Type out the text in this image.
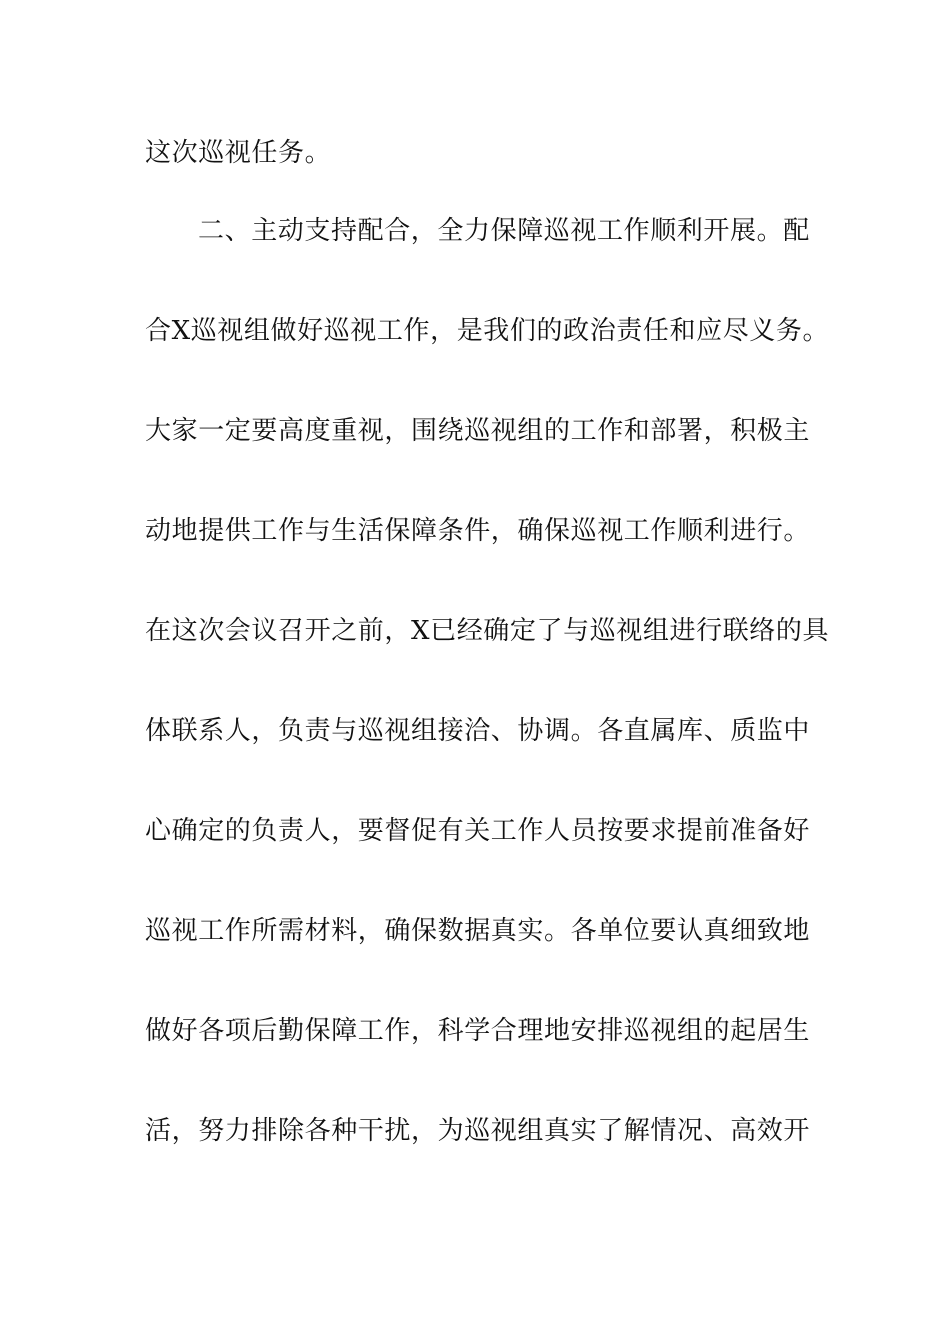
这次巡视任务。
二、主动支持配合，全力保障巡视工作顺利开展。配
合X巡视组做好巡视工作，是我们的政治责任和应尽义务。
大家一定要高度重视，围绕巡视组的工作和部署，积极主
动地提供工作与生活保障条件，确保巡视工作顺利进行。
在这次会议召开之前，X已经确定了与巡视组进行联络的具
体联系人，负责与巡视组接洽、协调。各直属库、质监中
心确定的负责人，要督促有关工作人员按要求提前准备好
巡视工作所需材料，确保数据真实。各单位要认真细致地
做好各项后勤保障工作，科学合理地安排巡视组的起居生
活，努力排除各种干扰，为巡视组真实了解情况、高效开
